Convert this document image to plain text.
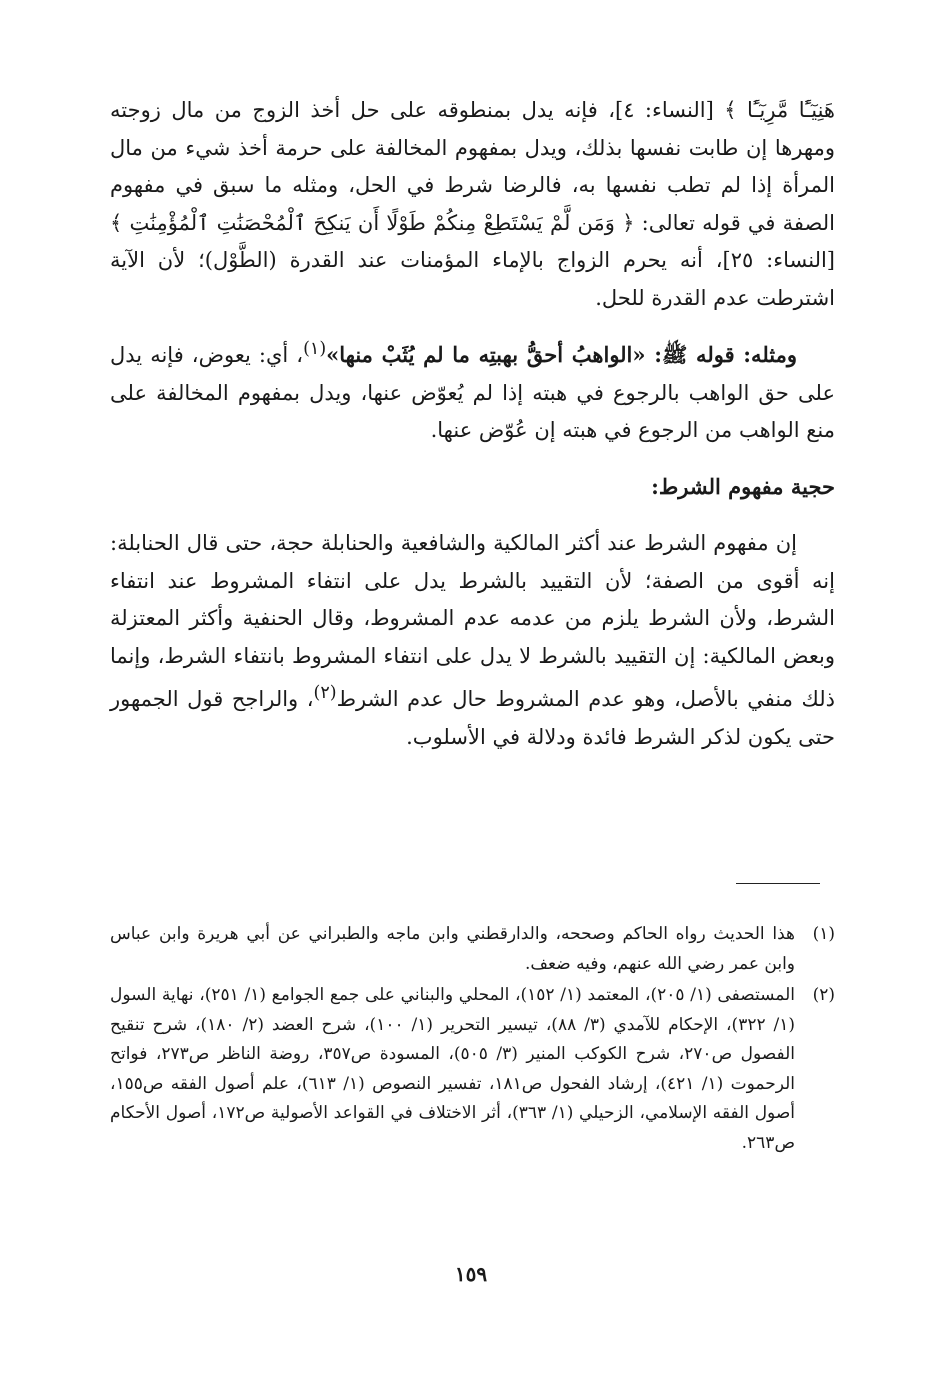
هَنِيٓـًٔا مَّرِيٓـًٔا ﴾ [النساء: ٤]، فإنه يدل بمنطوقه على حل أخذ الزوج من مال زوجته ومهرها إن طابت نفسها بذلك، ويدل بمفهوم المخالفة على حرمة أخذ شيء من مال المرأة إذا لم تطب نفسها به، فالرضا شرط في الحل، ومثله ما سبق في مفهوم الصفة في قوله تعالى: ﴿ وَمَن لَّمْ يَسْتَطِعْ مِنكُمْ طَوْلًا أَن يَنكِحَ ٱلْمُحْصَنَٰتِ ٱلْمُؤْمِنَٰتِ ﴾ [النساء: ٢٥]، أنه يحرم الزواج بالإماء المؤمنات عند القدرة (الطَّوْل)؛ لأن الآية اشترطت عدم القدرة للحل.

ومثله: قوله ﷺ: «الواهبُ أحقُّ بهبتِه ما لم يُثَبْ منها»$^{(١)}$، أي: يعوض، فإنه يدل على حق الواهب بالرجوع في هبته إذا لم يُعوّض عنها، ويدل بمفهوم المخالفة على منع الواهب من الرجوع في هبته إن عُوّض عنها.

حجية مفهوم الشرط:

إن مفهوم الشرط عند أكثر المالكية والشافعية والحنابلة حجة، حتى قال الحنابلة: إنه أقوى من الصفة؛ لأن التقييد بالشرط يدل على انتفاء المشروط عند انتفاء الشرط، ولأن الشرط يلزم من عدمه عدم المشروط، وقال الحنفية وأكثر المعتزلة وبعض المالكية: إن التقييد بالشرط لا يدل على انتفاء المشروط بانتفاء الشرط، وإنما ذلك منفي بالأصل، وهو عدم المشروط حال عدم الشرط$^{(٢)}$، والراجح قول الجمهور حتى يكون لذكر الشرط فائدة ودلالة في الأسلوب.

(١)
هذا الحديث رواه الحاكم وصححه، والدارقطني وابن ماجه والطبراني عن أبي هريرة وابن عباس وابن عمر رضي الله عنهم، وفيه ضعف.
(٢)
المستصفى (١/ ٢٠٥)، المعتمد (١/ ١٥٢)، المحلي والبناني على جمع الجوامع (١/ ٢٥١)، نهاية السول (١/ ٣٢٢)، الإحكام للآمدي (٣/ ٨٨)، تيسير التحرير (١/ ١٠٠)، شرح العضد (٢/ ١٨٠)، شرح تنقيح الفصول ص٢٧٠، شرح الكوكب المنير (٣/ ٥٠٥)، المسودة ص٣٥٧، روضة الناظر ص٢٧٣، فواتح الرحموت (١/ ٤٢١)، إرشاد الفحول ص١٨١، تفسير النصوص (١/ ٦١٣)، علم أصول الفقه ص١٥٥، أصول الفقه الإسلامي، الزحيلي (١/ ٣٦٣)، أثر الاختلاف في القواعد الأصولية ص١٧٢، أصول الأحكام ص٢٦٣.
١٥٩
